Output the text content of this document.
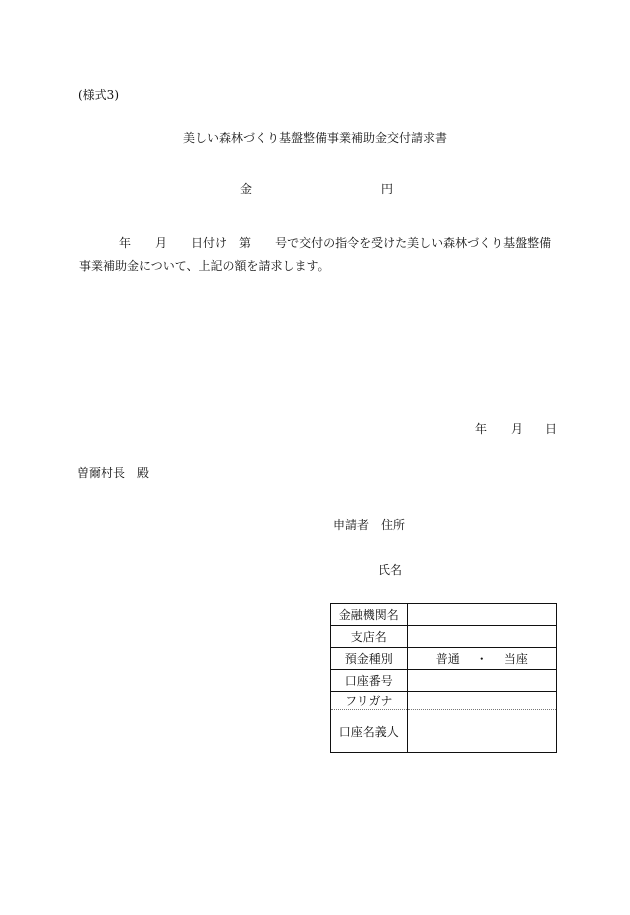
(様式3)
美しい森林づくり基盤整備事業補助金交付請求書
金	円
年 月 日付け 第 号で交付の指令を受けた美しい森林づくり基盤整備事業補助金について、上記の額を請求します。
年 月 日
曽爾村長　殿
申請者　住所
氏名
金融機関名	
支店名	
預金種別	普通 ・ 当座
口座番号	
フリガナ	
口座名義人	
